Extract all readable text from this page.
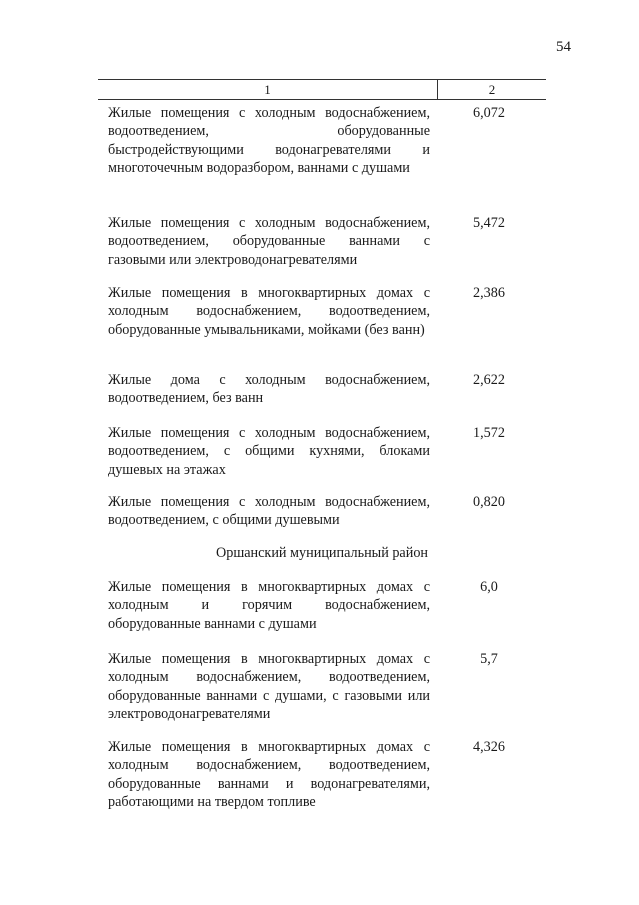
54
1	2
Жилые помещения с холодным водоснабжением, водоотведением, оборудованные быстродействующими водонагревателями и многоточечным водоразбором, ваннами с душами
6,072
Жилые помещения с холодным водоснабжением, водоотведением, оборудованные ваннами с газовыми или электроводонагревателями
5,472
Жилые помещения в многоквартирных домах с холодным водоснабжением, водоотведением, оборудованные умывальниками, мойками (без ванн)
2,386
Жилые дома с холодным водоснабжением, водоотведением, без ванн
2,622
Жилые помещения с холодным водоснабжением, водоотведением, с общими кухнями, блоками душевых на этажах
1,572
Жилые помещения с холодным водоснабжением, водоотведением, с общими душевыми
0,820
Оршанский муниципальный район
Жилые помещения в многоквартирных домах с холодным и горячим водоснабжением, оборудованные ваннами с душами
6,0
Жилые помещения в многоквартирных домах с холодным водоснабжением, водоотведением, оборудованные ваннами с душами, с газовыми или электроводонагревателями
5,7
Жилые помещения в многоквартирных домах с холодным водоснабжением, водоотведением, оборудованные ваннами и водонагревателями, работающими на твердом топливе
4,326
